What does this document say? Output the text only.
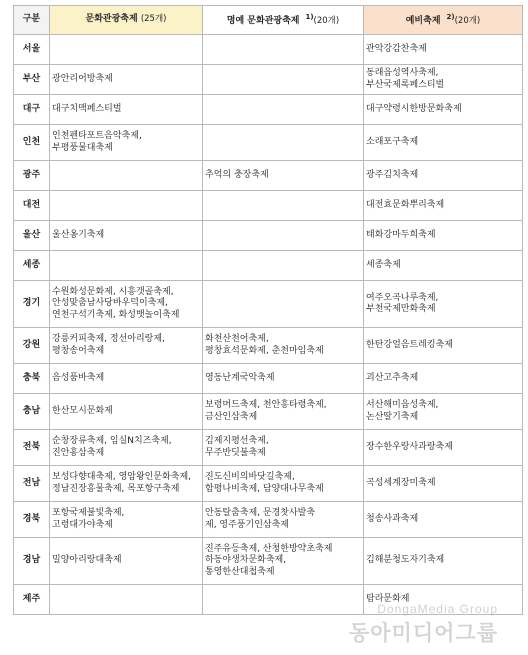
구분	문화관광축제 (25개)	명예 문화관광축제 $^{1)}$(20개)	예비축제 $^{2)}$(20개)
서울			관악강감찬축제

부산	광안리어방축제		동래읍성역사축제,
부산국제록페스티벌

대구	대구치맥페스티벌		대구약령시한방문화축제

인천	인천펜타포트음악축제,
부평풍물대축제		소래포구축제

광주		추억의 충장축제	광주김치축제

대전			대전효문화뿌리축제

울산	울산옹기축제		태화강마두희축제

세종			세종축제

경기	수원화성문화제, 시흥갯골축제,
안성맞춤남사당바우덕이축제,
연천구석기축제, 화성뱃놀이축제		여주오곡나루축제,
부천국제만화축제

강원	강릉커피축제, 정선아리랑제,
평창송어축제	화천산천어축제,
평창효석문화제, 춘천마임축제	한탄강얼음트레킹축제

충북	음성품바축제	영동난계국악축제	괴산고추축제

충남	한산모시문화제	보령머드축제, 천안흥타령축제,
금산인삼축제	서산해미읍성축제,
논산딸기축제

전북	순창장류축제, 임실N치즈축제,
진안홍삼축제	김제지평선축제,
무주반딧불축제	장수한우랑사과랑축제

전남	보성다향대축제, 영암왕인문화축제,
정남진장흥물축제, 목포항구축제	진도신비의바닷길축제,
함평나비축제, 담양대나무축제	곡성세계장미축제

경북	포항국제불빛축제,
고령대가야축제	안동탈춤축제, 문경찻사발축
제, 영주풍기인삼축제	청송사과축제

경남	밀양아리랑대축제	진주유등축제, 산청한방약초축제
하동야생차문화축제,
통영한산대첩축제	김해분청도자기축제

제주			탐라문화제
DongaMedia Group
동아미디어그룹
